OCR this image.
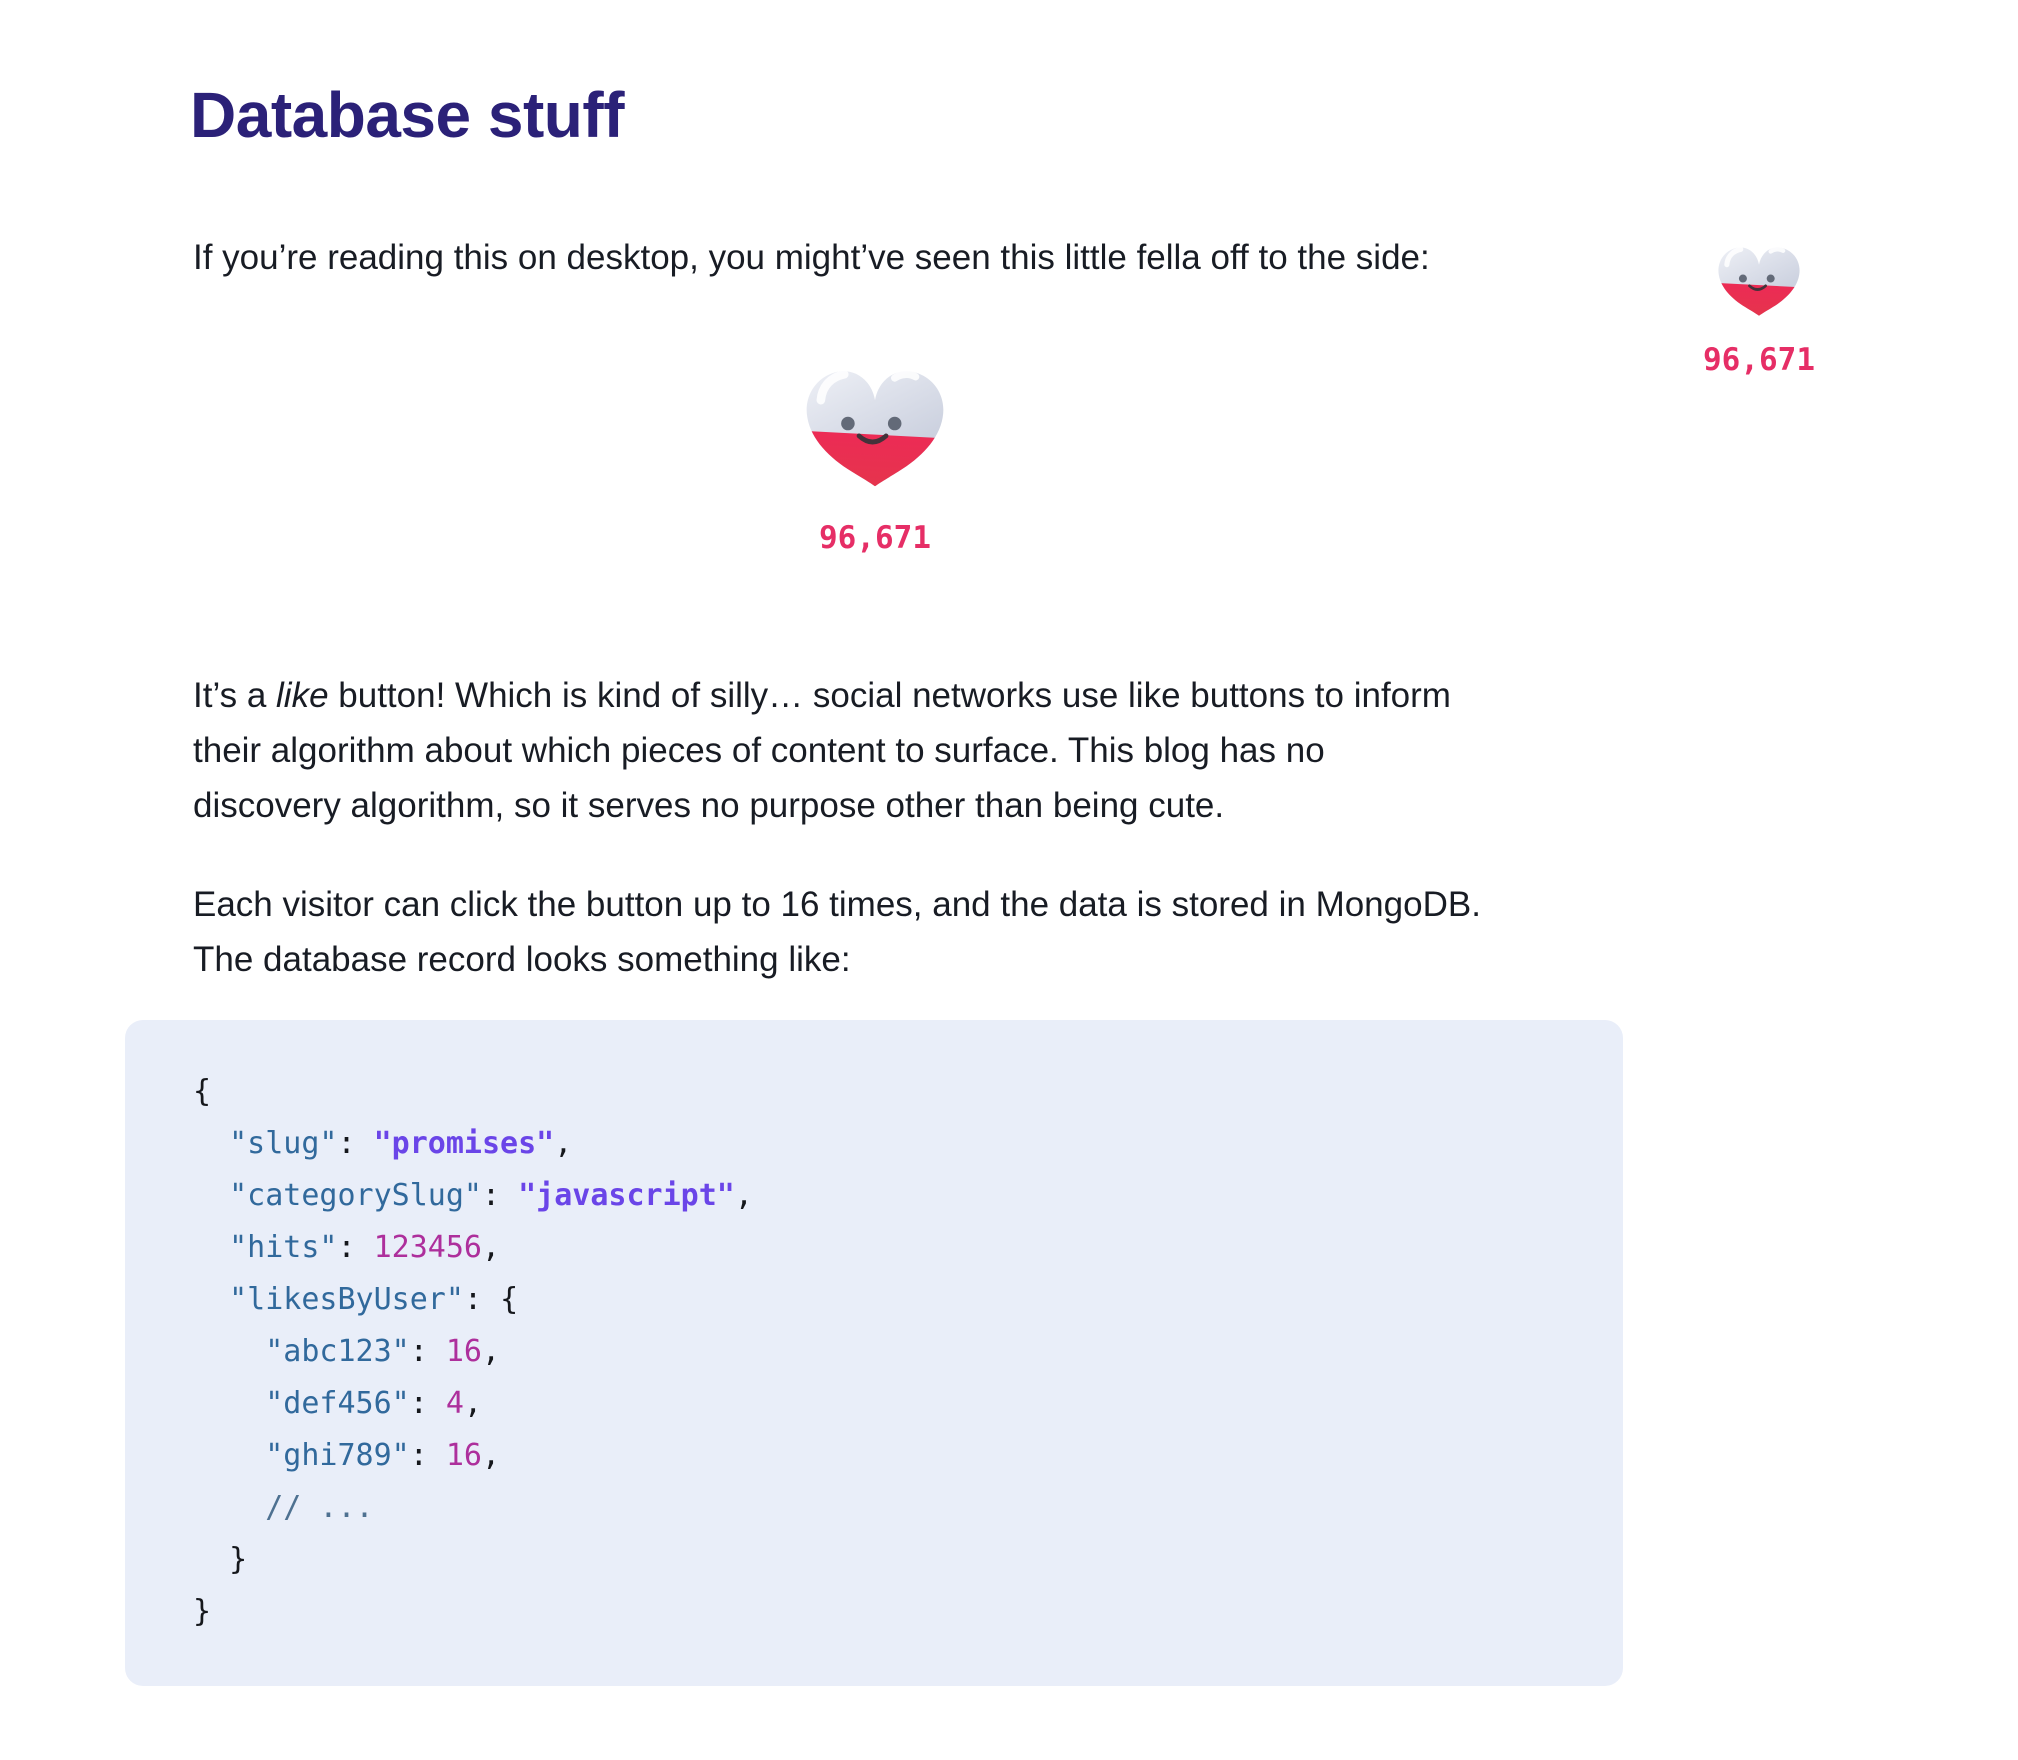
Database stuff

If you’re reading this on desktop, you might’ve seen this little fella off to the side:

96,671

It’s a like button! Which is kind of silly… social networks use like buttons to inform their algorithm about which pieces of content to surface. This blog has no discovery algorithm, so it serves no purpose other than being cute.

Each visitor can click the button up to 16 times, and the data is stored in MongoDB. The database record looks something like:

{
"slug": "promises",
"categorySlug": "javascript",
"hits": 123456,
"likesByUser": {
"abc123": 16,
"def456": 4,
"ghi789": 16,
// ...
}
}
96,671
